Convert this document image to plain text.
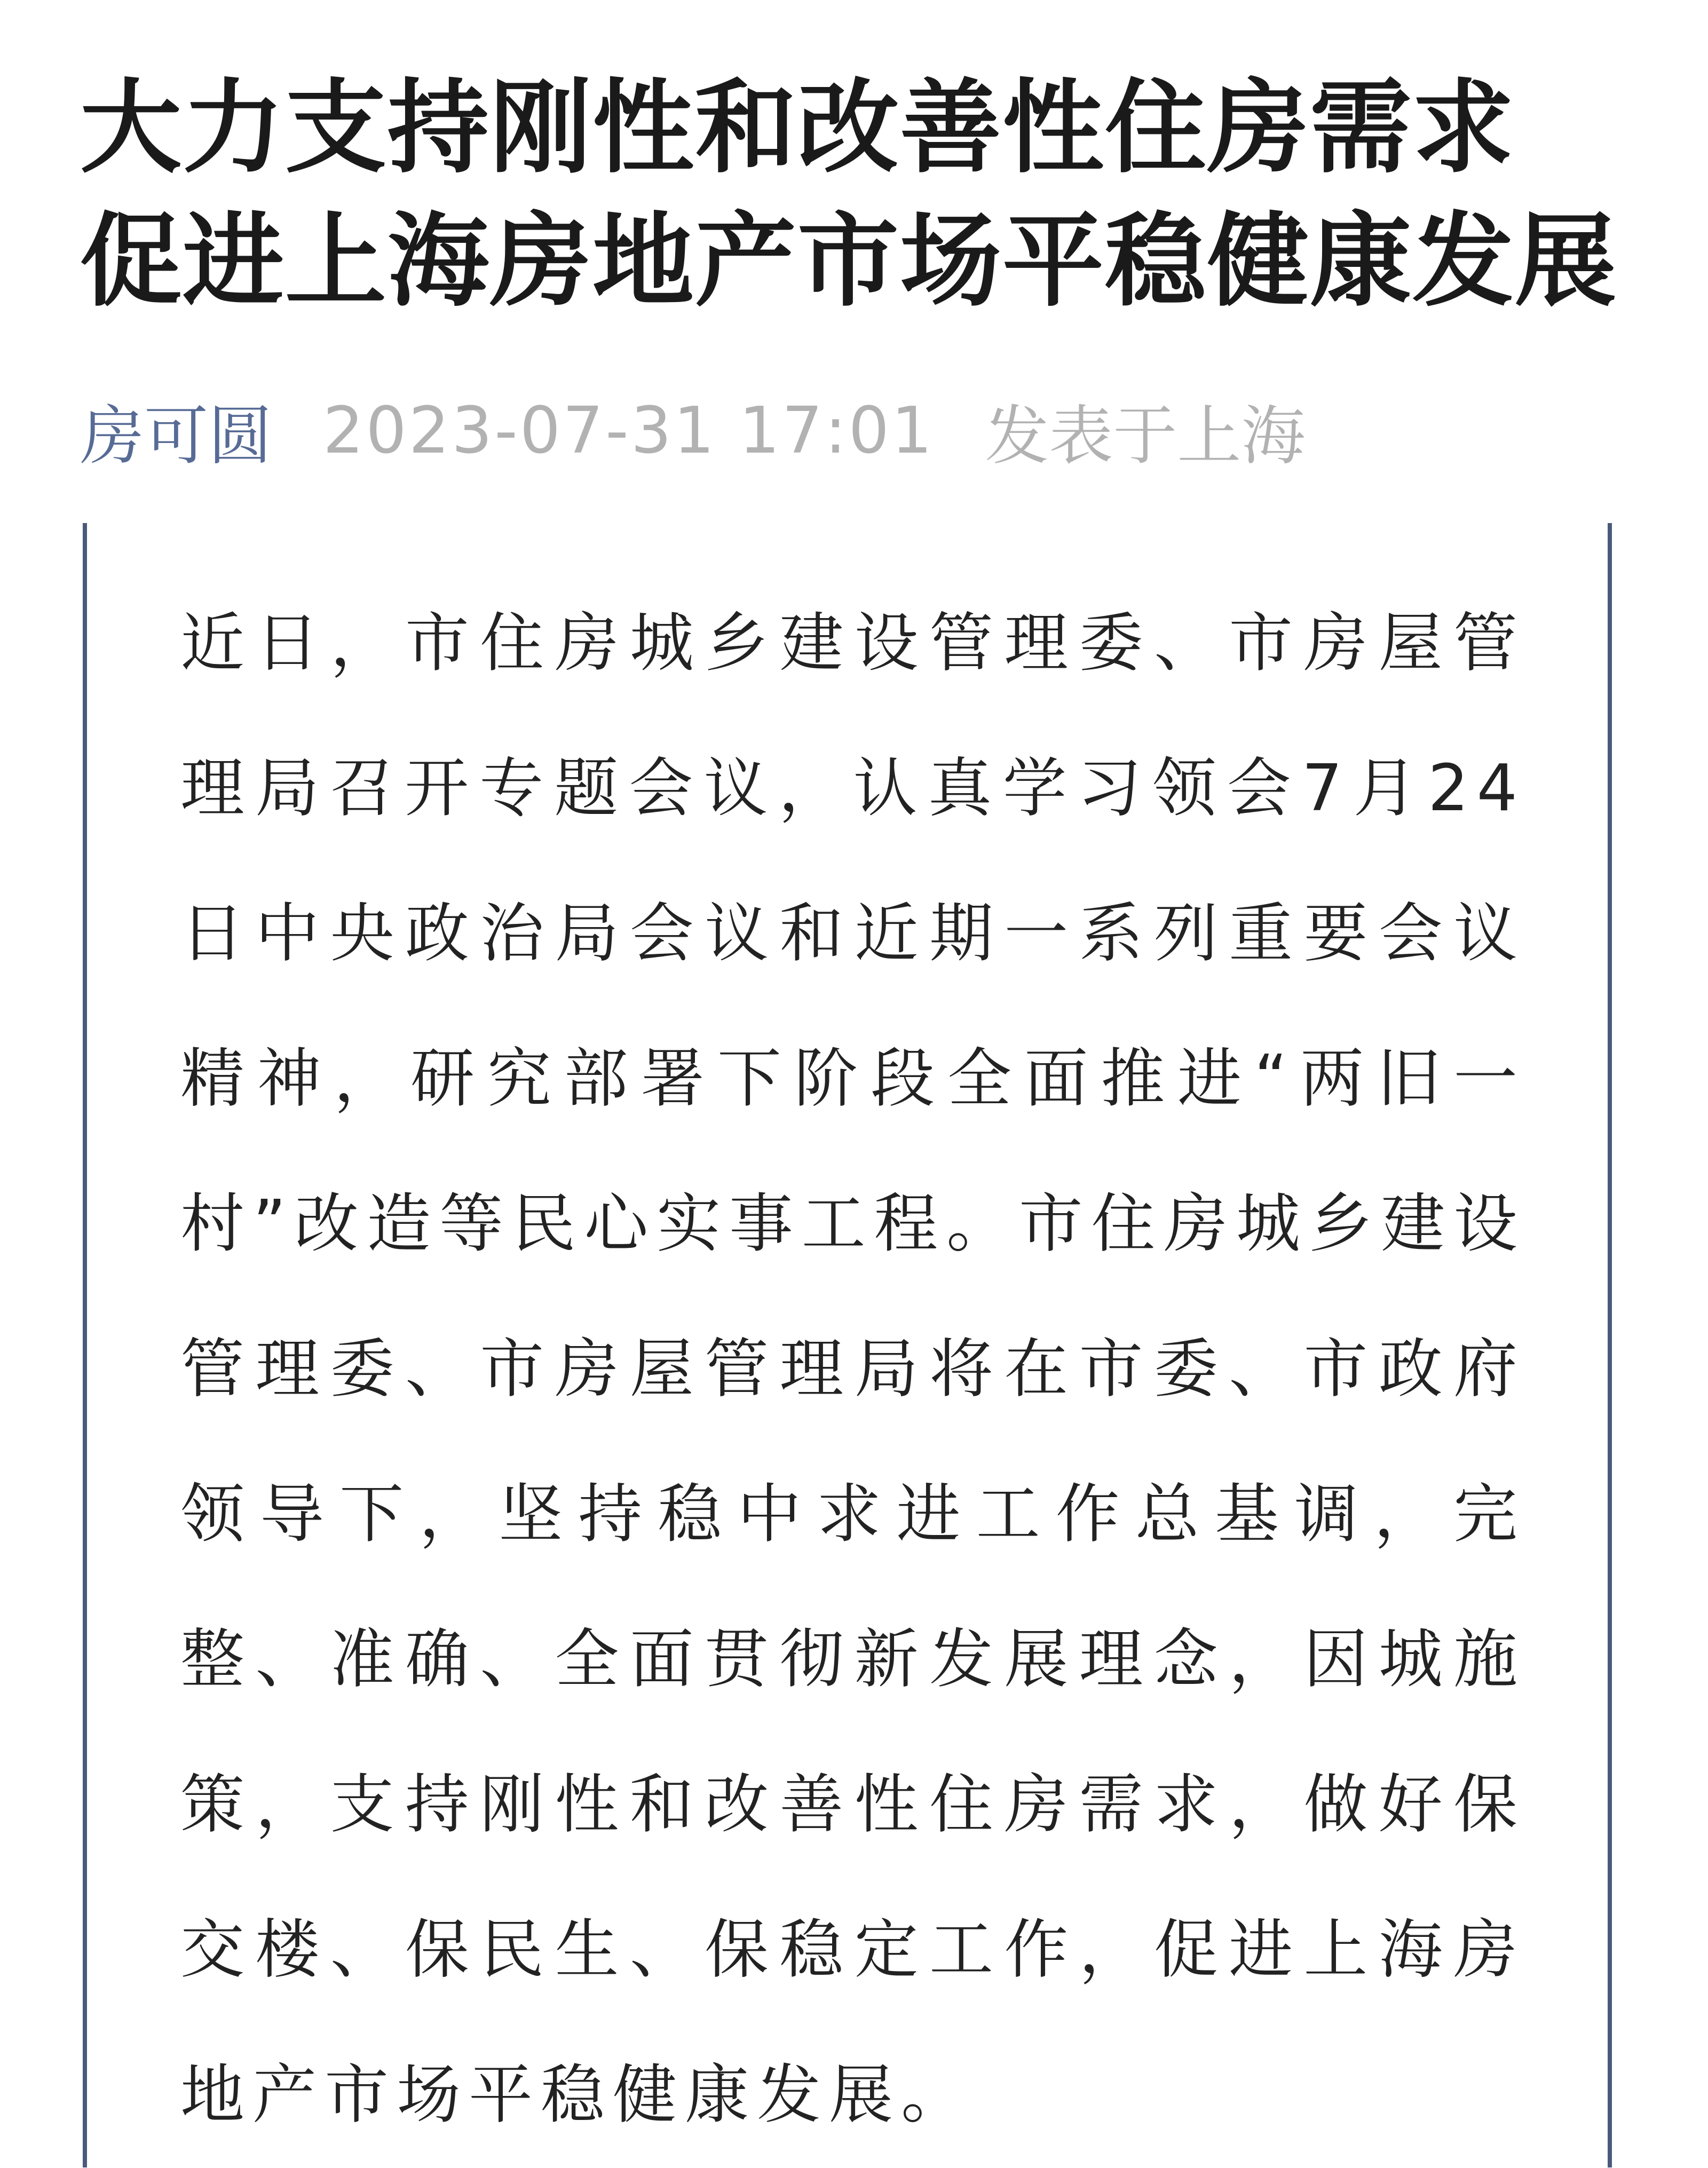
大力支持刚性和改善性住房需求 促进上海房地产市场平稳健康发展
房可圆 2023-07-31 17:01 发表于上海

近日，市住房城乡建设管理委、市房屋管理局召开专题会议，认真学习领会7月24日中央政治局会议和近期一系列重要会议精神，研究部署下阶段全面推进“两旧一村”改造等民心实事工程。市住房城乡建设管理委、市房屋管理局将在市委、市政府领导下，坚持稳中求进工作总基调，完整、准确、全面贯彻新发展理念，因城施策，支持刚性和改善性住房需求，做好保交楼、保民生、保稳定工作，促进上海房地产市场平稳健康发展。
